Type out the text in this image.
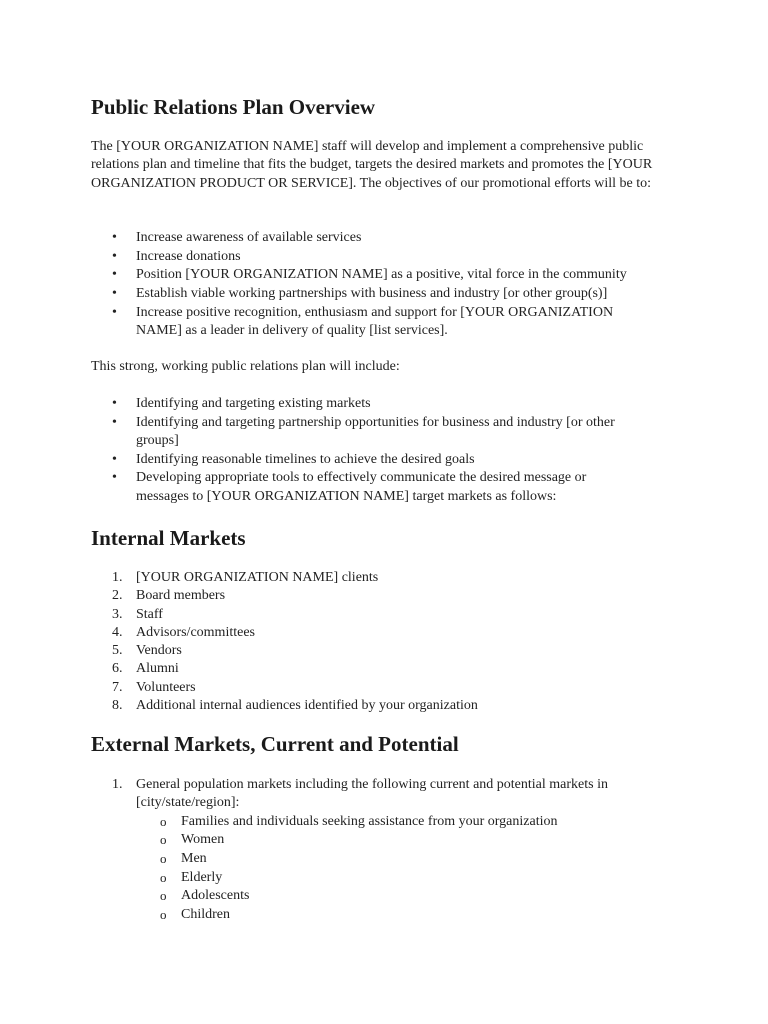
Public Relations Plan Overview

The [YOUR ORGANIZATION NAME] staff will develop and implement a comprehensive public relations plan and timeline that fits the budget, targets the desired markets and promotes the [YOUR ORGANIZATION PRODUCT OR SERVICE]. The objectives of our promotional efforts will be to:

• Increase awareness of available services
• Increase donations
• Position [YOUR ORGANIZATION NAME] as a positive, vital force in the community
• Establish viable working partnerships with business and industry [or other group(s)]
• Increase positive recognition, enthusiasm and support for [YOUR ORGANIZATION NAME] as a leader in delivery of quality [list services].

This strong, working public relations plan will include:

• Identifying and targeting existing markets
• Identifying and targeting partnership opportunities for business and industry [or other groups]
• Identifying reasonable timelines to achieve the desired goals
• Developing appropriate tools to effectively communicate the desired message or messages to [YOUR ORGANIZATION NAME] target markets as follows:
Internal Markets
1. [YOUR ORGANIZATION NAME] clients
2. Board members
3. Staff
4. Advisors/committees
5. Vendors
6. Alumni
7. Volunteers
8. Additional internal audiences identified by your organization
External Markets, Current and Potential
1. General population markets including the following current and potential markets in [city/state/region]:
o Families and individuals seeking assistance from your organization
o Women
o Men
o Elderly
o Adolescents
o Children
